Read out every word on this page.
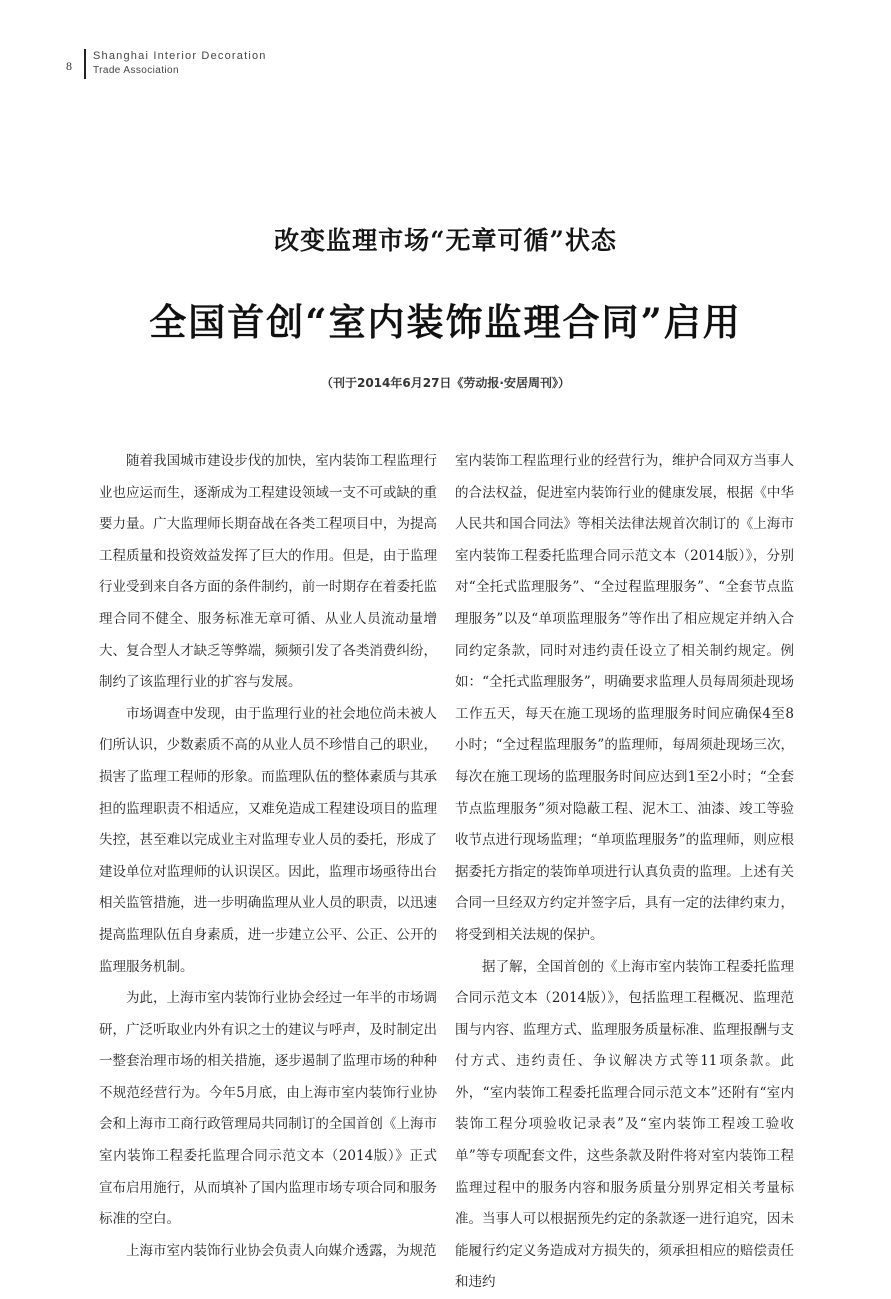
8
Shanghai Interior Decoration
Trade Association
改变监理市场“无章可循”状态
全国首创“室内装饰监理合同”启用
（刊于2014年6月27日《劳动报·安居周刊》）

随着我国城市建设步伐的加快，室内装饰工程监理行业也应运而生，逐渐成为工程建设领域一支不可或缺的重要力量。广大监理师长期奋战在各类工程项目中，为提高工程质量和投资效益发挥了巨大的作用。但是，由于监理行业受到来自各方面的条件制约，前一时期存在着委托监理合同不健全、服务标准无章可循、从业人员流动量增大、复合型人才缺乏等弊端，频频引发了各类消费纠纷，制约了该监理行业的扩容与发展。

市场调查中发现，由于监理行业的社会地位尚未被人们所认识，少数素质不高的从业人员不珍惜自己的职业，损害了监理工程师的形象。而监理队伍的整体素质与其承担的监理职责不相适应，又难免造成工程建设项目的监理失控，甚至难以完成业主对监理专业人员的委托，形成了建设单位对监理师的认识误区。因此，监理市场亟待出台相关监管措施，进一步明确监理从业人员的职责，以迅速提高监理队伍自身素质，进一步建立公平、公正、公开的监理服务机制。

为此，上海市室内装饰行业协会经过一年半的市场调研，广泛听取业内外有识之士的建议与呼声，及时制定出一整套治理市场的相关措施，逐步遏制了监理市场的种种不规范经营行为。今年5月底，由上海市室内装饰行业协会和上海市工商行政管理局共同制订的全国首创《上海市室内装饰工程委托监理合同示范文本（2014版）》正式宣布启用施行，从而填补了国内监理市场专项合同和服务标准的空白。

上海市室内装饰行业协会负责人向媒介透露，为规范

室内装饰工程监理行业的经营行为，维护合同双方当事人的合法权益，促进室内装饰行业的健康发展，根据《中华人民共和国合同法》等相关法律法规首次制订的《上海市室内装饰工程委托监理合同示范文本（2014版）》，分别对“全托式监理服务”、“全过程监理服务”、“全套节点监理服务”以及“单项监理服务”等作出了相应规定并纳入合同约定条款，同时对违约责任设立了相关制约规定。例如：“全托式监理服务”，明确要求监理人员每周须赴现场工作五天，每天在施工现场的监理服务时间应确保4至8小时；“全过程监理服务”的监理师，每周须赴现场三次，每次在施工现场的监理服务时间应达到1至2小时；“全套节点监理服务”须对隐蔽工程、泥木工、油漆、竣工等验收节点进行现场监理；“单项监理服务”的监理师，则应根据委托方指定的装饰单项进行认真负责的监理。上述有关合同一旦经双方约定并签字后，具有一定的法律约束力，将受到相关法规的保护。

据了解，全国首创的《上海市室内装饰工程委托监理合同示范文本（2014版）》，包括监理工程概况、监理范围与内容、监理方式、监理服务质量标准、监理报酬与支付方式、违约责任、争议解决方式等11项条款。此外，“室内装饰工程委托监理合同示范文本”还附有“室内装饰工程分项验收记录表”及“室内装饰工程竣工验收单”等专项配套文件，这些条款及附件将对室内装饰工程监理过程中的服务内容和服务质量分别界定相关考量标准。当事人可以根据预先约定的条款逐一进行追究，因未能履行约定义务造成对方损失的，须承担相应的赔偿责任和违约
